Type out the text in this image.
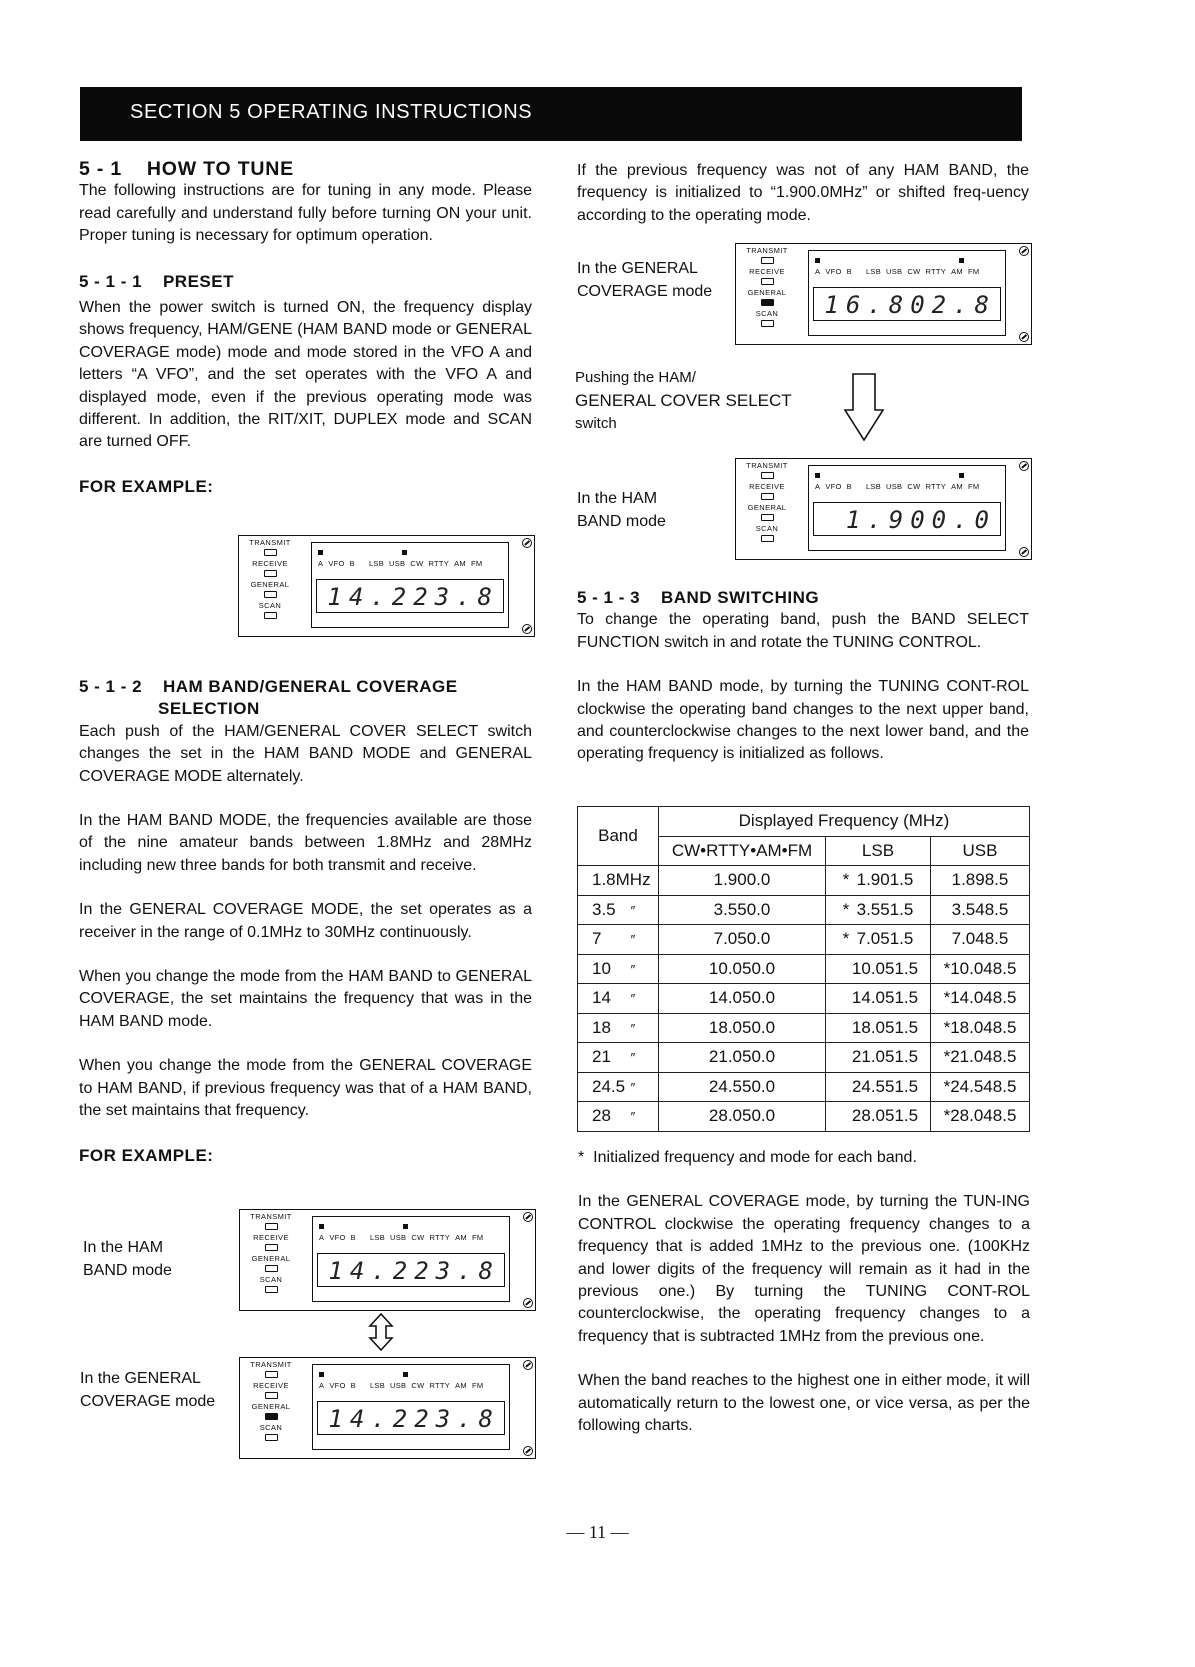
SECTION 5 OPERATING INSTRUCTIONS

5 - 1    HOW TO TUNE

The following instructions are for tuning in any mode. Please read carefully and understand fully before turning ON your unit. Proper tuning is necessary for optimum operation.

5 - 1 - 1    PRESET

When the power switch is turned ON, the frequency display shows frequency, HAM/GENE (HAM BAND mode or GENERAL COVERAGE mode) mode and mode stored in the VFO A and letters “A VFO”, and the set operates with the VFO A and displayed mode, even if the previous operating mode was different. In addition, the RIT/XIT, DUPLEX mode and SCAN are turned OFF.

FOR EXAMPLE:

5 - 1 - 2    HAM BAND/GENERAL COVERAGE

SELECTION

Each push of the HAM/GENERAL COVER SELECT switch changes the set in the HAM BAND MODE and GENERAL COVERAGE MODE alternately.

In the HAM BAND MODE, the frequencies available are those of the nine amateur bands between 1.8MHz and 28MHz including new three bands for both transmit and receive.

In the GENERAL COVERAGE MODE, the set operates as a receiver in the range of 0.1MHz to 30MHz continuously.

When you change the mode from the HAM BAND to GENERAL COVERAGE, the set maintains the frequency that was in the HAM BAND mode.

When you change the mode from the GENERAL COVERAGE to HAM BAND, if previous frequency was that of a HAM BAND, the set maintains that frequency.

FOR EXAMPLE:

In the HAM
BAND mode
In the GENERAL
COVERAGE mode

If the previous frequency was not of any HAM BAND, the frequency is initialized to “1.900.0MHz” or shifted freq-uency according to the operating mode.

In the GENERAL
COVERAGE mode
Pushing the HAM/
GENERAL COVER SELECT
switch
In the HAM
BAND mode

5 - 1 - 3    BAND SWITCHING

To change the operating band, push the BAND SELECT FUNCTION switch in and rotate the TUNING CONTROL.

In the HAM BAND mode, by turning the TUNING CONT-ROL clockwise the operating band changes to the next upper band, and counterclockwise changes to the next lower band, and the operating frequency is initialized as follows.

Band	Displayed Frequency (MHz)		
	CW•RTTY•AM•FM	LSB	USB
1.8MHz	1.900.0	* 1.901.5	1.898.5
3.5 ″	3.550.0	* 3.551.5	3.548.5
7 ″	7.050.0	* 7.051.5	7.048.5
10 ″	10.050.0	10.051.5	*10.048.5
14 ″	14.050.0	14.051.5	*14.048.5
18 ″	18.050.0	18.051.5	*18.048.5
21 ″	21.050.0	21.051.5	*21.048.5
24.5 ″	24.550.0	24.551.5	*24.548.5
28 ″	28.050.0	28.051.5	*28.048.5

*  Initialized frequency and mode for each band.

In the GENERAL COVERAGE mode, by turning the TUN-ING CONTROL clockwise the operating frequency changes to a frequency that is added 1MHz to the previous one. (100KHz and lower digits of the frequency will remain as it had in the previous one.) By turning the TUNING CONT-ROL counterclockwise, the operating frequency changes to a frequency that is subtracted 1MHz from the previous one.

When the band reaches to the highest one in either mode, it will automatically return to the lowest one, or vice versa, as per the following charts.

TRANSMIT
RECEIVE
GENERAL
SCAN
A VFO B LSB USB CW RTTY AM FM
14.223.8
TRANSMIT
RECEIVE
GENERAL
SCAN
A VFO B LSB USB CW RTTY AM FM
16.802.8
TRANSMIT
RECEIVE
GENERAL
SCAN
A VFO B LSB USB CW RTTY AM FM
1.900.0
TRANSMIT
RECEIVE
GENERAL
SCAN
A VFO B LSB USB CW RTTY AM FM
14.223.8
TRANSMIT
RECEIVE
GENERAL
SCAN
A VFO B LSB USB CW RTTY AM FM
14.223.8
— 11 —
